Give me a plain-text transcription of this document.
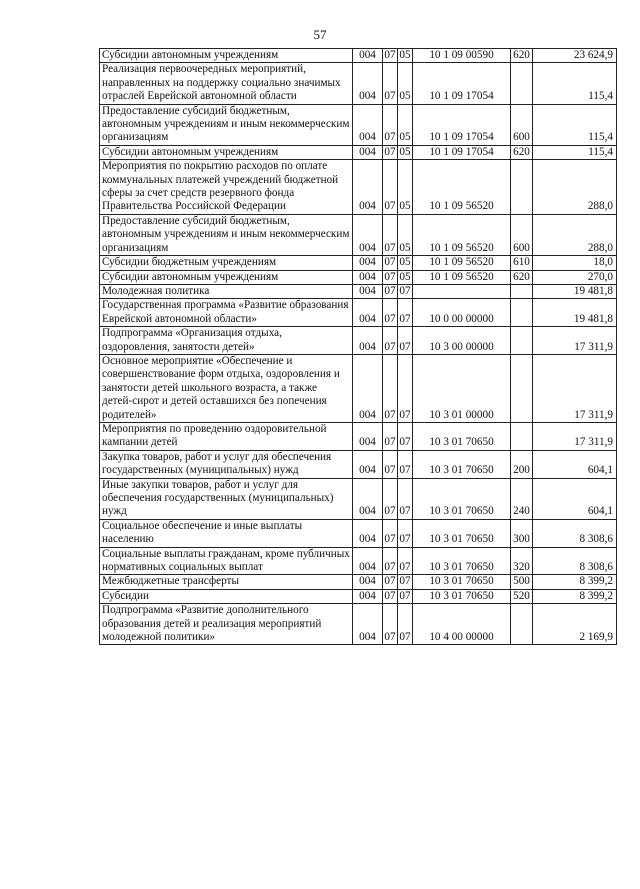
57
Субсидии автономным учреждениям	004	07	05	10 1 09 00590	620	23 624,9
Реализация первоочередных мероприятий, направленных на поддержку социально значимых отраслей Еврейской автономной области	004	07	05	10 1 09 17054		115,4
Предоставление субсидий бюджетным, автономным учреждениям и иным некоммерческим организациям	004	07	05	10 1 09 17054	600	115,4
Субсидии автономным учреждениям	004	07	05	10 1 09 17054	620	115,4
Мероприятия по покрытию расходов по оплате коммунальных платежей учреждений бюджетной сферы за счет средств резервного фонда Правительства Российской Федерации	004	07	05	10 1 09 56520		288,0
Предоставление субсидий бюджетным, автономным учреждениям и иным некоммерческим организациям	004	07	05	10 1 09 56520	600	288,0
Субсидии бюджетным учреждениям	004	07	05	10 1 09 56520	610	18,0
Субсидии автономным учреждениям	004	07	05	10 1 09 56520	620	270,0
Молодежная политика	004	07	07			19 481,8
Государственная программа «Развитие образования Еврейской автономной области»	004	07	07	10 0 00 00000		19 481,8
Подпрограмма «Организация отдыха, оздоровления, занятости детей»	004	07	07	10 3 00 00000		17 311,9
Основное мероприятие «Обеспечение и совершенствование форм отдыха, оздоровления и занятости детей школьного возраста, а также детей-сирот и детей оставшихся без попечения родителей»	004	07	07	10 3 01 00000		17 311,9
Мероприятия по проведению оздоровительной кампании детей	004	07	07	10 3 01 70650		17 311,9
Закупка товаров, работ и услуг для обеспечения государственных (муниципальных) нужд	004	07	07	10 3 01 70650	200	604,1
Иные закупки товаров, работ и услуг для обеспечения государственных (муниципальных) нужд	004	07	07	10 3 01 70650	240	604,1
Социальное обеспечение и иные выплаты населению	004	07	07	10 3 01 70650	300	8 308,6
Социальные выплаты гражданам, кроме публичных нормативных социальных выплат	004	07	07	10 3 01 70650	320	8 308,6
Межбюджетные трансферты	004	07	07	10 3 01 70650	500	8 399,2
Субсидии	004	07	07	10 3 01 70650	520	8 399,2
Подпрограмма «Развитие дополнительного образования детей и реализация мероприятий молодежной политики»	004	07	07	10 4 00 00000		2 169,9
